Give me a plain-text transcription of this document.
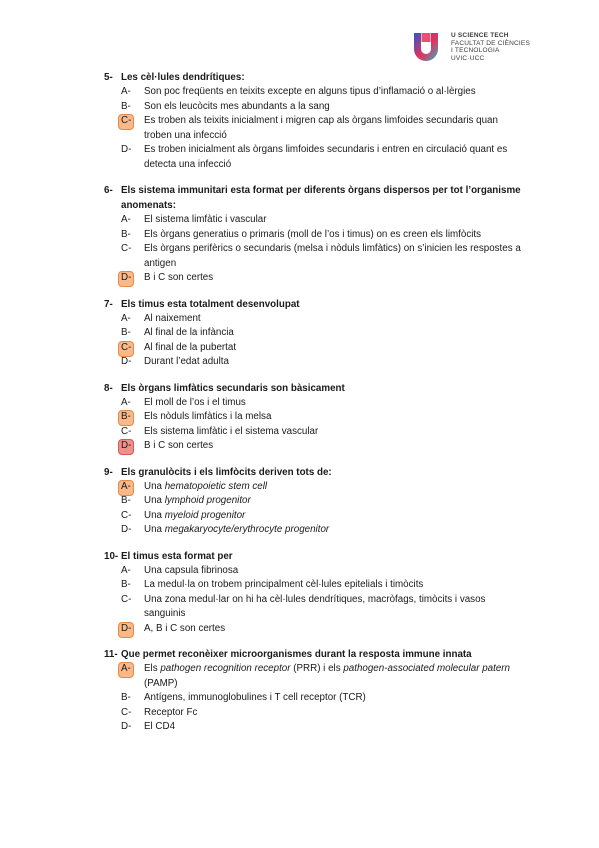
U SCIENCE TECH
FACULTAT DE CIÈNCIES
I TECNOLOGIA
UVIC·UCC
5- Les cèl·lules dendrítiques:
A-	Son poc freqüents en teixits excepte en alguns tipus d’inflamació o al·lèrgies
B-	Son els leucòcits mes abundants a la sang
C-	Es troben als teixits inicialment i migren cap als òrgans limfoides secundaris quan troben una infecció
D-	Es troben inicialment als òrgans limfoides secundaris i entren en circulació quant es detecta una infecció
6- Els sistema immunitari esta format per diferents òrgans dispersos per tot l’organisme anomenats:
A-	El sistema limfàtic i vascular
B-	Els òrgans generatius o primaris (moll de l’os i timus) on es creen els limfòcits
C-	Els òrgans perifèrics o secundaris (melsa i nòduls limfàtics) on s’inicien les respostes a antigen
D-	B i C son certes
7- Els timus esta totalment desenvolupat
A-	Al naixement
B-	Al final de la infància
C-	Al final de la pubertat
D-	Durant l’edat adulta
8- Els òrgans limfàtics secundaris son bàsicament
A-	El moll de l’os i el timus
B-	Els nòduls limfàtics i la melsa
C-	Els sistema limfàtic i el sistema vascular
D-	B i C son certes
9- Els granulòcits i els limfòcits deriven tots de:
A-	Una hematopoietic stem cell
B-	Una lymphoid progenitor
C-	Una myeloid progenitor
D-	Una megakaryocyte/erythrocyte progenitor
10- El timus esta format per
A-	Una capsula fibrinosa
B-	La medul·la on trobem principalment cèl·lules epitelials i timòcits
C-	Una zona medul·lar on hi ha cèl·lules dendrítiques, macròfags, timòcits i vasos sanguinis
D-	A, B i C son certes
11- Que permet reconèixer microorganismes durant la resposta immune innata
A-	Els pathogen recognition receptor (PRR) i els pathogen-associated molecular patern (PAMP)
B-	Antígens, immunoglobulines i T cell receptor (TCR)
C-	Receptor Fc
D-	El CD4
